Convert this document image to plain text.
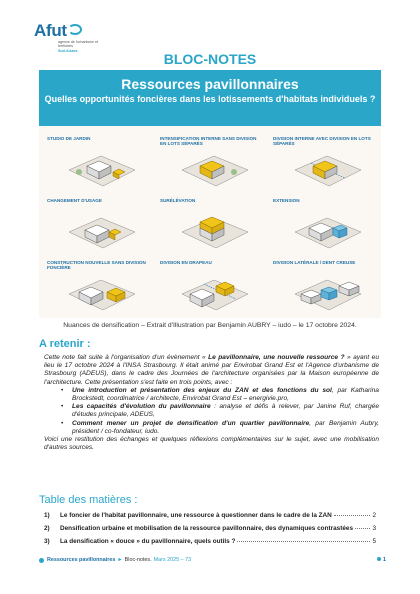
Afut
agence de l'urbanisme et territoires
Sud-Alsace
BLOC-NOTES
Ressources pavillonnaires
Quelles opportunités foncières dans les lotissements d'habitats individuels ?
STUDIO DE JARDIN	INTENSIFICATION INTERNE SANS DIVISION EN LOTS SÉPARÉS
DIVISION INTERNE AVEC DIVISION EN LOTS SÉPARÉS
CHANGEMENT D'USAGE	SURÉLÉVATION	EXTENSION
CONSTRUCTION NOUVELLE SANS DIVISION FONCIÈRE
DIVISION EN DRAPEAU	DIVISION LATÉRALE / DENT CREUSE
Nuances de densification – Extrait d'Illustration par Benjamin AUBRY – iudo – le 17 octobre 2024.
A retenir :

Cette note fait suite à l'organisation d'un évènement « Le pavillonnaire, une nouvelle ressource ? » ayant eu lieu le 17 octobre 2024 à l'INSA Strasbourg. Il était animé par Envirobat Grand Est et l'Agence d'urbanisme de Strasbourg (ADEUS), dans le cadre des Journées de l'architecture organisées par la Maison européenne de l'architecture. Cette présentation s'est faite en trois points, avec :

• Une introduction et présentation des enjeux du ZAN et des fonctions du sol, par Katharina Brockstedt, coordinatrice / architecte, Envirobat Grand Est – energivie.pro,
• Les capacités d'évolution du pavillonnaire : analyse et défis à relever, par Janine Ruf, chargée d'études principale, ADEUS,
• Comment mener un projet de densification d'un quartier pavillonnaire, par Benjamin Aubry, président / co-fondateur, iudo.

Voici une restitution des échanges et quelques réflexions complémentaires sur le sujet, avec une mobilisation d'autres sources.

Table des matières :
1)	Le foncier de l'habitat pavillonnaire, une ressource à questionner dans le cadre de la ZAN	2
2)	Densification urbaine et mobilisation de la ressource pavillonnaire, des dynamiques contrastées	3
3)	La densification « douce » du pavillonnaire, quels outils ?	5
Ressources pavillonnaires ► Bloc-notes. Mars 2025 – 73	1
